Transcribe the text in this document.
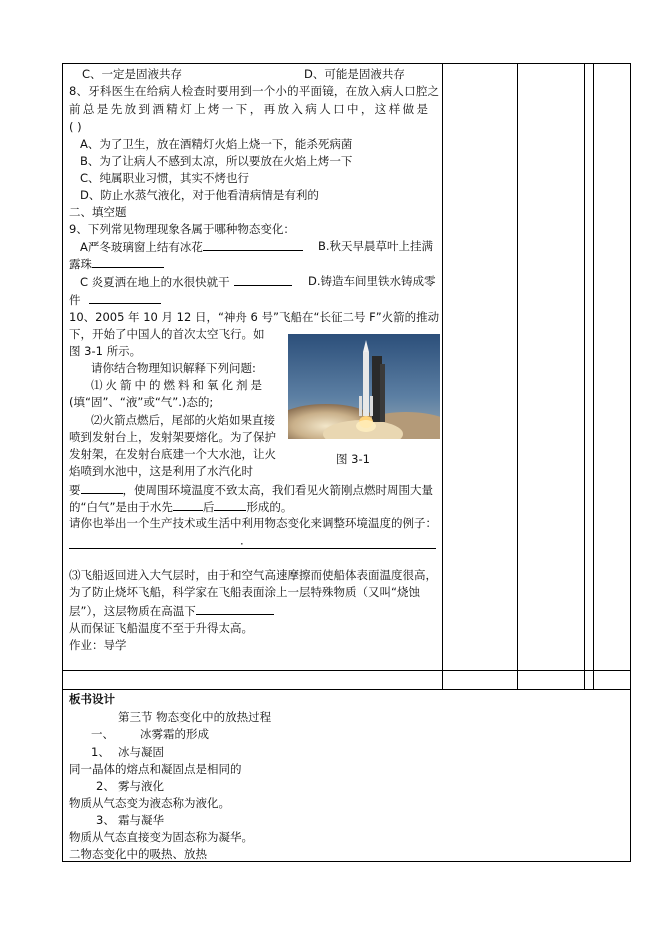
C、一定是固液共存	D、可能是固液共存
8、牙科医生在给病人检查时要用到一个小的平面镜，在放入病人口腔之
前总是先放到酒精灯上烤一下，再放入病人口中，这样做是
( )
A、为了卫生，放在酒精灯火焰上烧一下，能杀死病菌
B、为了让病人不感到太凉，所以要放在火焰上烤一下
C、纯属职业习惯，其实不烤也行
D、防止水蒸气液化，对于他看清病情是有利的
二、填空题
9、下列常见物理现象各属于哪种物态变化：
A严冬玻璃窗上结有冰花	B.秋天早晨草叶上挂满
露珠
C 炎夏洒在地上的水很快就干	D.铸造车间里铁水铸成零
件
10、2005 年 10 月 12 日，“神舟 6 号”飞船在“长征二号 F”火箭的推动
下，开始了中国人的首次太空飞行。如
图 3-1 所示。
请你结合物理知识解释下列问题:
⑴火箭中的燃料和氧化剂是
(填“固”、“液”或“气”.)态的;
⑵火箭点燃后，尾部的火焰如果直接
喷到发射台上，发射架要熔化。为了保护
发射架，在发射台底建一个大水池，让火
焰喷到水池中，这是利用了水汽化时
图 3-1
要	，使周围环境温度不致太高，我们看见火箭刚点燃时周围大量
的“白气”是由于水先	后	形成的。
请你也举出一个生产技术或生活中利用物态变化来调整环境温度的例子：
·
⑶飞船返回进入大气层时，由于和空气高速摩擦而使船体表面温度很高，
为了防止烧坏飞船，科学家在飞船表面涂上一层特殊物质（又叫“烧蚀
层”），这层物质在高温下
从而保证飞船温度不至于升得太高。
作业：导学
板书设计
第三节 物态变化中的放热过程
一、 冰雾霜的形成
1、 冰与凝固
同一晶体的熔点和凝固点是相同的
2、 雾与液化
物质从气态变为液态称为液化。
3、 霜与凝华
物质从气态直接变为固态称为凝华。
二物态变化中的吸热、放热
